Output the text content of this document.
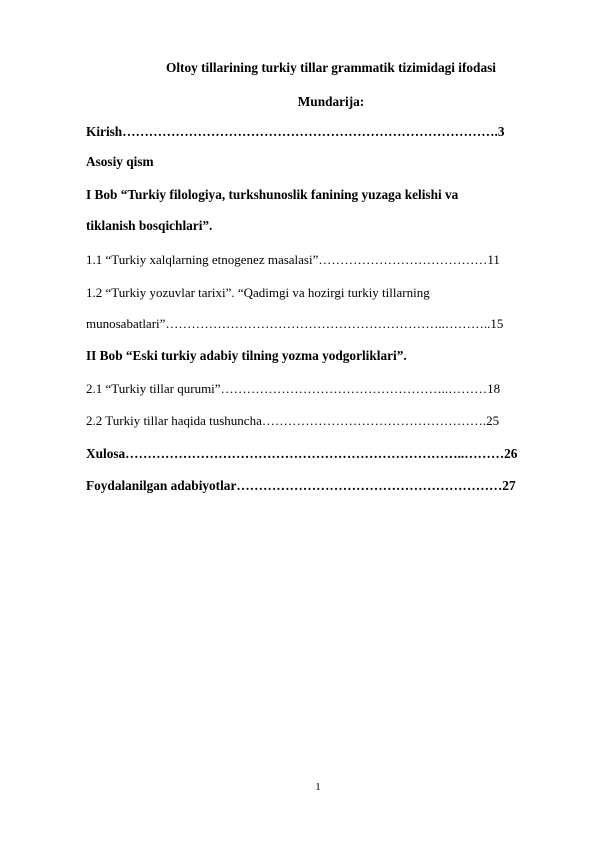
Oltoy tillarining turkiy tillar grammatik tizimidagi ifodasi
Mundarija:
Kirish………………………………………………………………………….3
Asosiy qism
I Bob “Turkiy filologiya, turkshunoslik fanining yuzaga kelishi va
tiklanish bosqichlari”.
1.1 “Turkiy xalqlarning etnogenez masalasi”…………………………………11
1.2 “Turkiy yozuvlar tarixi”. “Qadimgi va hozirgi turkiy tillarning
munosabatlari”………………………………………………………..………..15
II Bob “Eski turkiy adabiy tilning yozma yodgorliklari”.
2.1 “Turkiy tillar qurumi”……………………………………………..………18
2.2 Turkiy tillar haqida tushuncha…………………………………………….25
Xulosa…………………………………………………………………..………26
Foydalanilgan adabiyotlar……………………………………………………27
1
